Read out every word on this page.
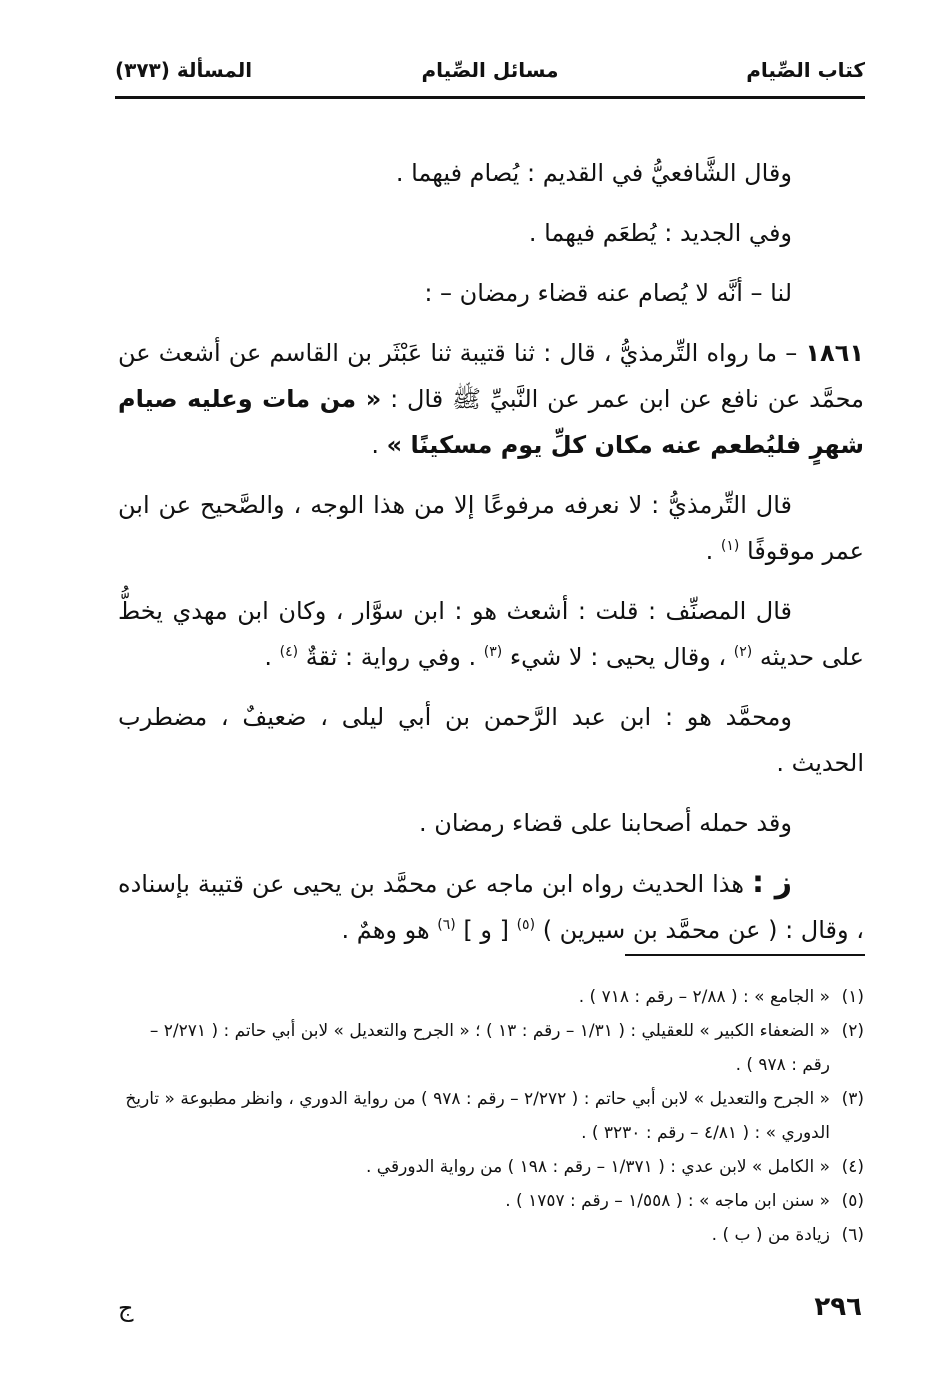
كتاب الصِّيام
مسائل الصِّيام
المسألة (٣٧٣)

وقال الشَّافعيُّ في القديم : يُصام فيهما .

وفي الجديد : يُطعَم فيهما .

لنا – أنَّه لا يُصام عنه قضاء رمضان – :

١٨٦١ – ما رواه التِّرمذيُّ ، قال : ثنا قتيبة ثنا عَبْثَر بن القاسم عن أشعث عن محمَّد عن نافع عن ابن عمر عن النَّبيِّ ﷺ قال : « من مات وعليه صيام شهرٍ فليُطعم عنه مكان كلِّ يوم مسكينًا » .

قال التِّرمذيُّ : لا نعرفه مرفوعًا إلا من هذا الوجه ، والصَّحيح عن ابن عمر موقوفًا $^{(١)}$ .

قال المصنِّف : قلت : أشعث هو : ابن سوَّار ، وكان ابن مهدي يخطُّ على حديثه $^{(٢)}$ ، وقال يحيى : لا شيء $^{(٣)}$ . وفي رواية : ثقةٌ $^{(٤)}$ .

ومحمَّد هو : ابن عبد الرَّحمن بن أبي ليلى ، ضعيفٌ ، مضطرب الحديث .

وقد حمله أصحابنا على قضاء رمضان .

ز : هذا الحديث رواه ابن ماجه عن محمَّد بن يحيى عن قتيبة بإسناده ، وقال : ( عن محمَّد بن سيرين ) $^{(٥)}$ [ و ] $^{(٦)}$ هو وهمٌ .

(١)
« الجامع » : ( ٢/٨٨ – رقم : ٧١٨ ) .

(٢)
« الضعفاء الكبير » للعقيلي : ( ١/٣١ – رقم : ١٣ ) ؛ « الجرح والتعديل » لابن أبي حاتم : ( ٢/٢٧١ – رقم : ٩٧٨ ) .

(٣)
« الجرح والتعديل » لابن أبي حاتم : ( ٢/٢٧٢ – رقم : ٩٧٨ ) من رواية الدوري ، وانظر مطبوعة « تاريخ الدوري » : ( ٤/٨١ – رقم : ٣٢٣٠ ) .

(٤)
« الكامل » لابن عدي : ( ١/٣٧١ – رقم : ١٩٨ ) من رواية الدورقي .

(٥)
« سنن ابن ماجه » : ( ١/٥٥٨ – رقم : ١٧٥٧ ) .

(٦)
زيادة من ( ب ) .

٢٩٦
ج
